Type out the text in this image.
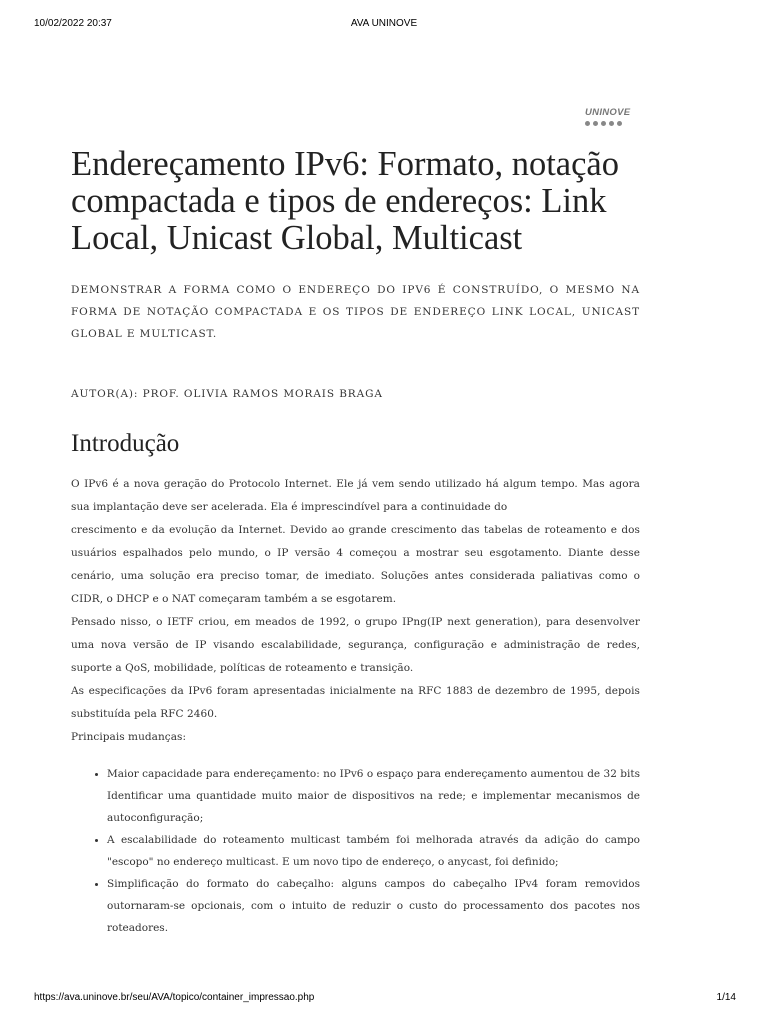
10/02/2022 20:37	AVA UNINOVE
UNINOVE
Endereçamento IPv6: Formato, notação compactada e tipos de endereços: Link Local, Unicast Global, Multicast

DEMONSTRAR A FORMA COMO O ENDEREÇO DO IPV6 É CONSTRUÍDO, O MESMO NA FORMA DE NOTAÇÃO COMPACTADA E OS TIPOS DE ENDEREÇO LINK LOCAL, UNICAST GLOBAL E MULTICAST.

AUTOR(A): PROF. OLIVIA RAMOS MORAIS BRAGA

Introdução

O IPv6 é a nova geração do Protocolo Internet. Ele já vem sendo utilizado há algum tempo. Mas agora sua implantação deve ser acelerada. Ela é imprescindível para a continuidade do

crescimento e da evolução da Internet. Devido ao grande crescimento das tabelas de roteamento e dos usuários espalhados pelo mundo, o IP versão 4 começou a mostrar seu esgotamento. Diante desse cenário, uma solução era preciso tomar, de imediato. Soluções antes considerada paliativas como o CIDR, o DHCP e o NAT começaram também a se esgotarem.

Pensado nisso, o IETF criou, em meados de 1992, o grupo IPng(IP next generation), para desenvolver uma nova versão de IP visando escalabilidade, segurança, configuração e administração de redes, suporte a QoS, mobilidade, políticas de roteamento e transição.

As especificações da IPv6 foram apresentadas inicialmente na RFC 1883 de dezembro de 1995, depois substituída pela RFC 2460.

Principais mudanças:

• Maior capacidade para endereçamento: no IPv6 o espaço para endereçamento aumentou de 32 bits Identificar uma quantidade muito maior de dispositivos na rede; e implementar mecanismos de autoconfiguração;
• A escalabilidade do roteamento multicast também foi melhorada através da adição do campo "escopo" no endereço multicast. E um novo tipo de endereço, o anycast, foi definido;
• Simplificação do formato do cabeçalho: alguns campos do cabeçalho IPv4 foram removidos outornaram-se opcionais, com o intuito de reduzir o custo do processamento dos pacotes nos roteadores.
https://ava.uninove.br/seu/AVA/topico/container_impressao.php	1/14
